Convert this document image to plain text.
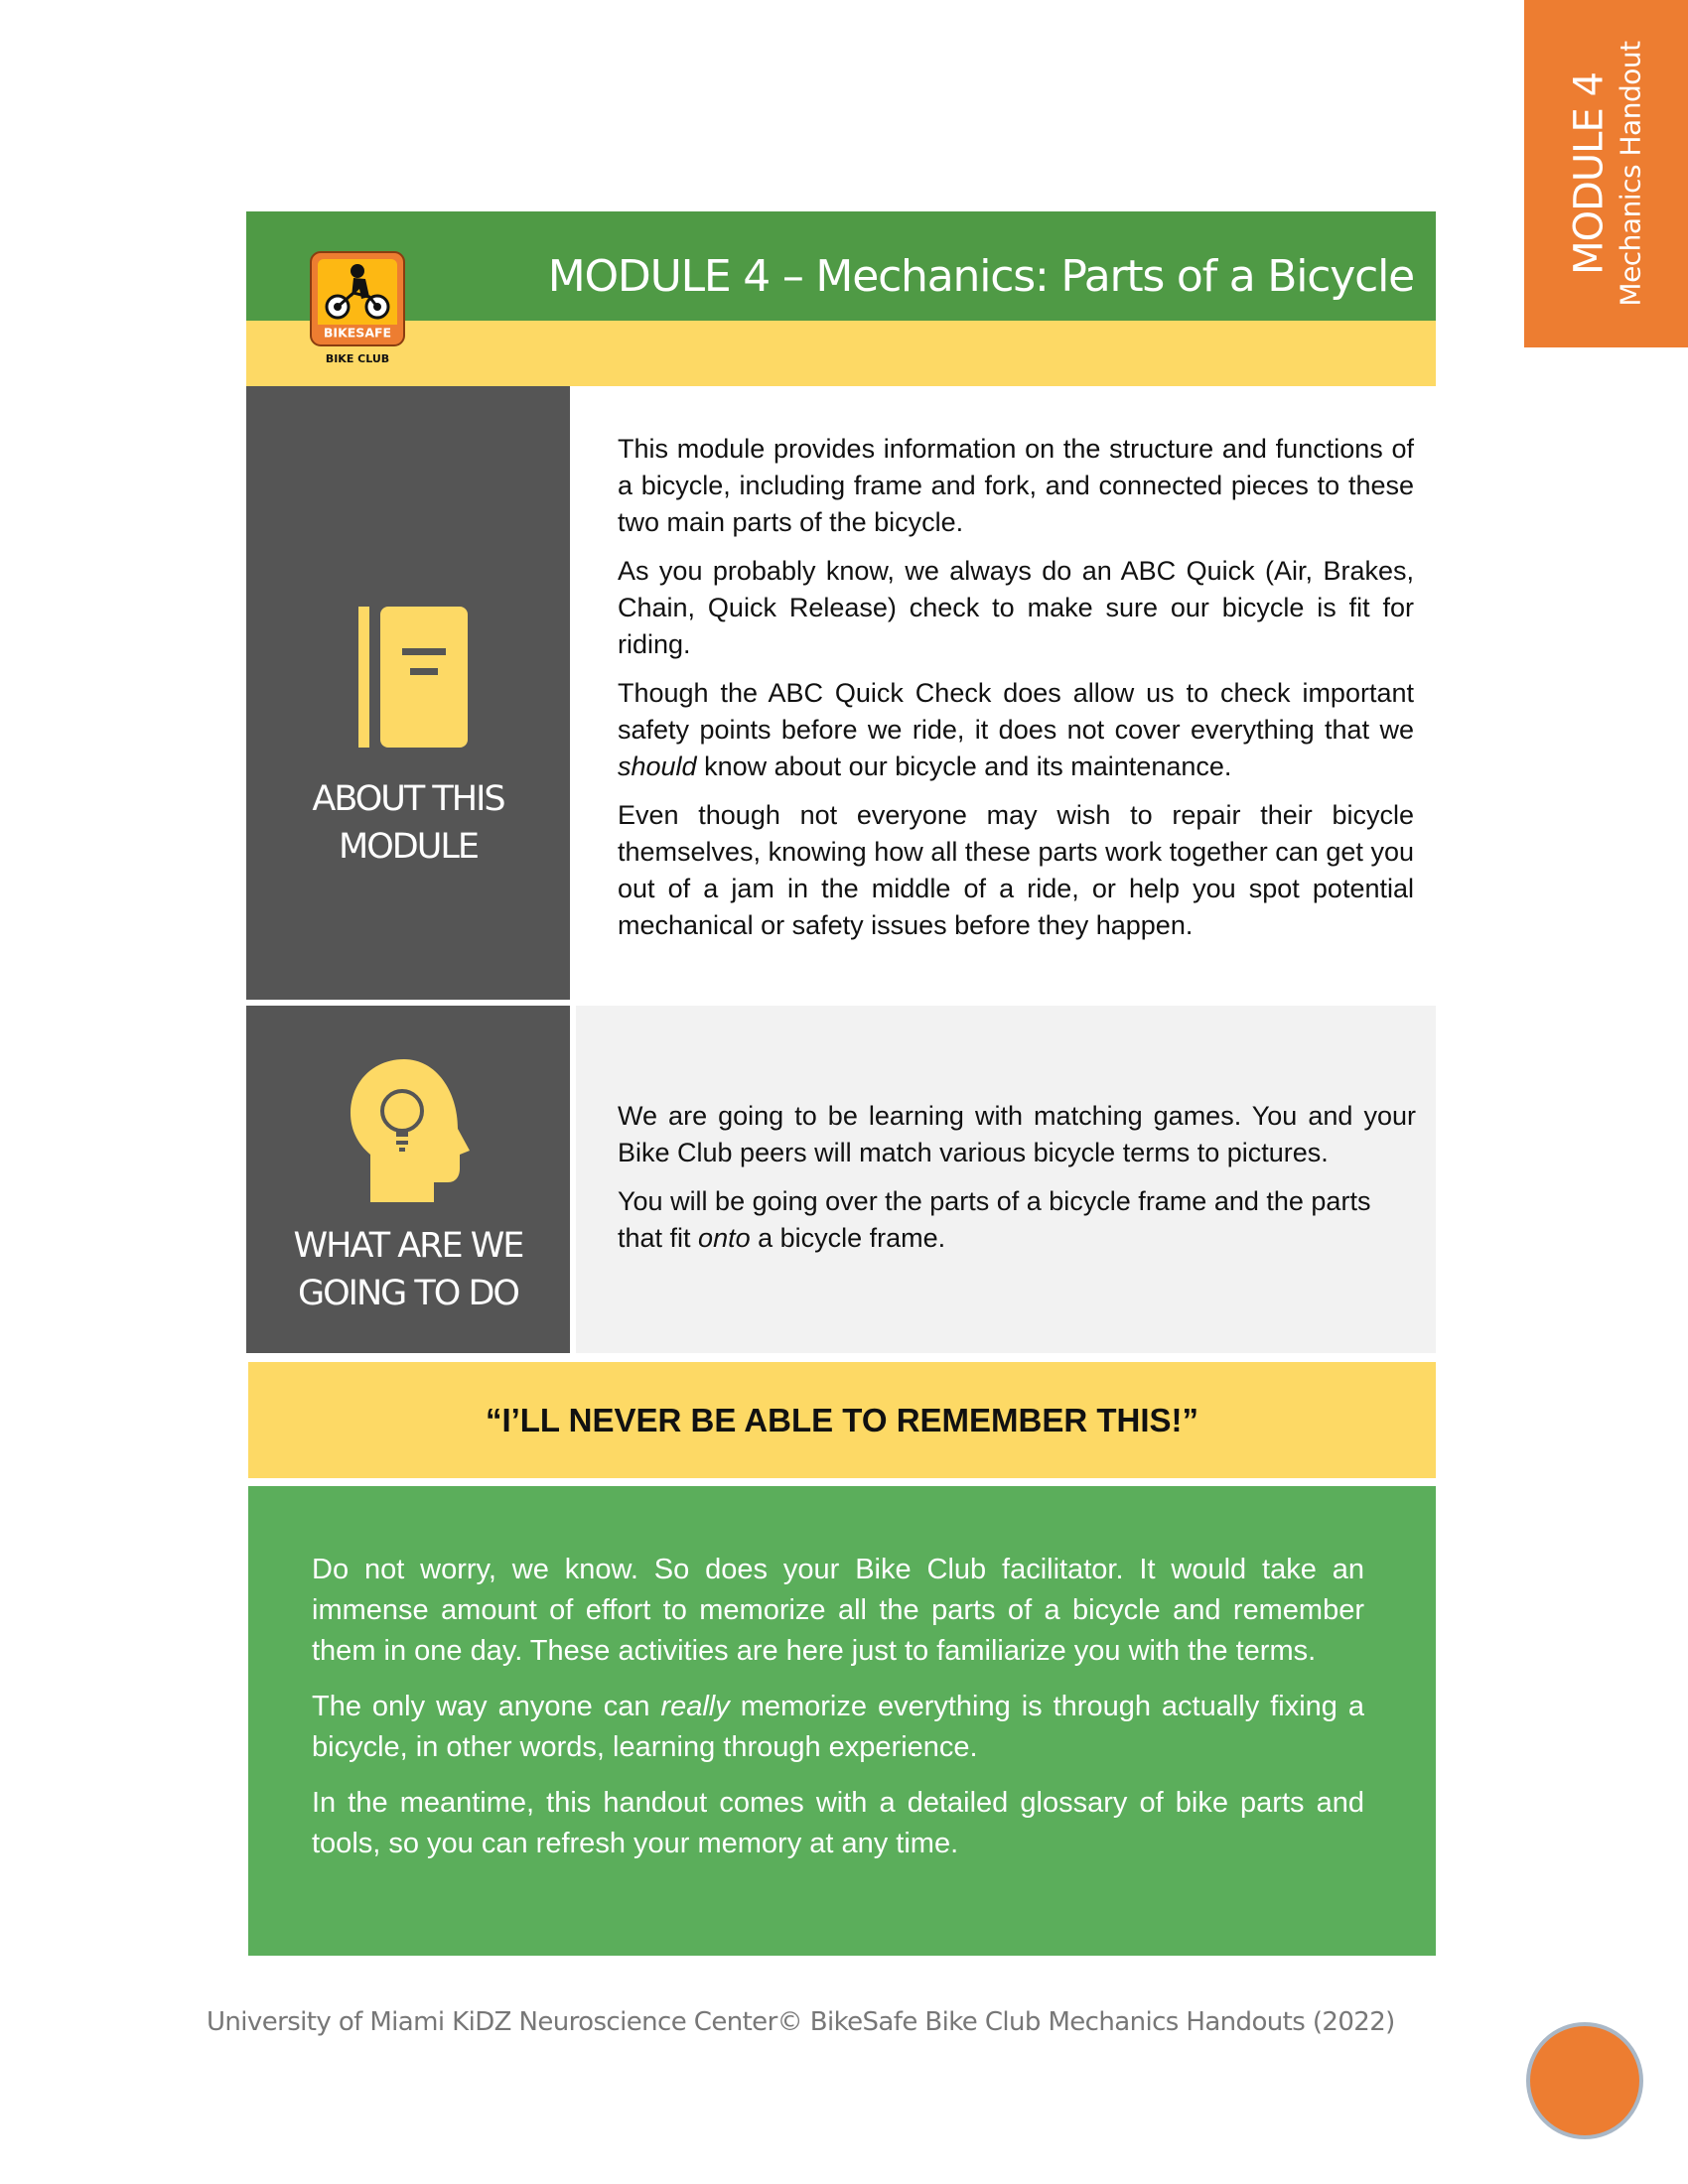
MODULE 4 Mechanics Handout
MODULE 4 – Mechanics: Parts of a Bicycle
BIKESAFE
BIKE CLUB
ABOUT THIS MODULE

This module provides information on the structure and functions of a bicycle, including frame and fork, and connected pieces to these two main parts of the bicycle.

As you probably know, we always do an ABC Quick (Air, Brakes, Chain, Quick Release) check to make sure our bicycle is fit for riding.

Though the ABC Quick Check does allow us to check important safety points before we ride, it does not cover everything that we should know about our bicycle and its maintenance.

Even though not everyone may wish to repair their bicycle themselves, knowing how all these parts work together can get you out of a jam in the middle of a ride, or help you spot potential mechanical or safety issues before they happen.

WHAT ARE WE
GOING TO DO

We are going to be learning with matching games. You and your Bike Club peers will match various bicycle terms to pictures.

You will be going over the parts of a bicycle frame and the parts that fit onto a bicycle frame.

“I’LL NEVER BE ABLE TO REMEMBER THIS!”

Do not worry, we know. So does your Bike Club facilitator. It would take an immense amount of effort to memorize all the parts of a bicycle and remember them in one day. These activities are here just to familiarize you with the terms.

The only way anyone can really memorize everything is through actually fixing a bicycle, in other words, learning through experience.

In the meantime, this handout comes with a detailed glossary of bike parts and tools, so you can refresh your memory at any time.

University of Miami KiDZ Neuroscience Center© BikeSafe Bike Club Mechanics Handouts (2022)
